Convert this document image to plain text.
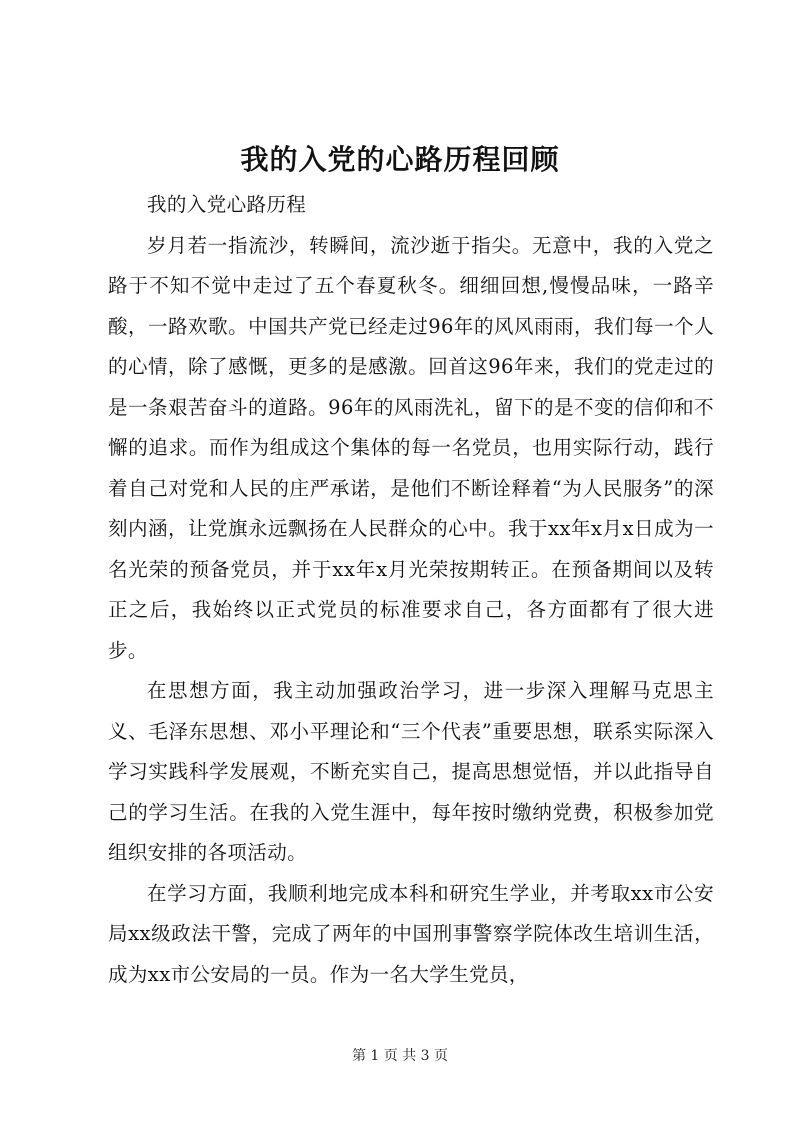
我的入党的心路历程回顾

我的入党心路历程

岁月若一指流沙，转瞬间，流沙逝于指尖。无意中，我的入党之路于不知不觉中走过了五个春夏秋冬。细细回想,慢慢品味，一路辛酸，一路欢歌。中国共产党已经走过96年的风风雨雨，我们每一个人的心情，除了感慨，更多的是感激。回首这96年来，我们的党走过的是一条艰苦奋斗的道路。96年的风雨洗礼，留下的是不变的信仰和不懈的追求。而作为组成这个集体的每一名党员，也用实际行动，践行着自己对党和人民的庄严承诺，是他们不断诠释着“为人民服务”的深刻内涵，让党旗永远飘扬在人民群众的心中。我于xx年x月x日成为一名光荣的预备党员，并于xx年x月光荣按期转正。在预备期间以及转正之后，我始终以正式党员的标准要求自己，各方面都有了很大进步。

在思想方面，我主动加强政治学习，进一步深入理解马克思主义、毛泽东思想、邓小平理论和“三个代表”重要思想，联系实际深入学习实践科学发展观，不断充实自己，提高思想觉悟，并以此指导自己的学习生活。在我的入党生涯中，每年按时缴纳党费，积极参加党组织安排的各项活动。

在学习方面，我顺利地完成本科和研究生学业，并考取xx市公安局xx级政法干警，完成了两年的中国刑事警察学院体改生培训生活，成为xx市公安局的一员。作为一名大学生党员，

第 1 页 共 3 页
